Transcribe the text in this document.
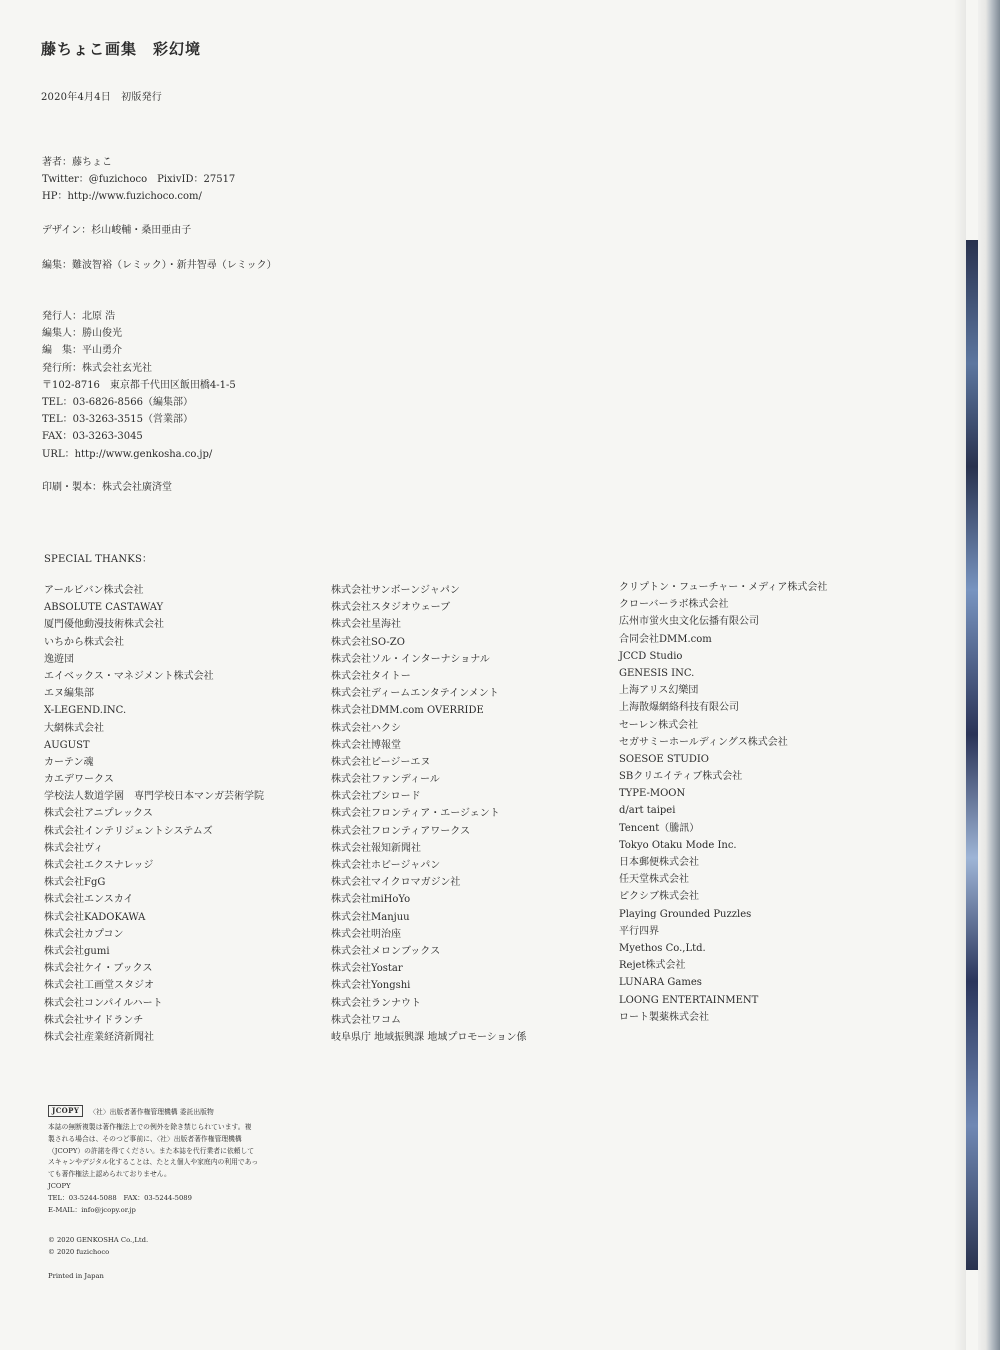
藤ちょこ画集　彩幻境
2020年4月4日　初版発行
著者：藤ちょこ
Twitter：@fuzichoco　PixivID：27517
HP：http://www.fuzichoco.com/
デザイン：杉山峻輔・桑田亜由子
編集：難波智裕（レミック）・新井智尋（レミック）
発行人：北原 浩
編集人：勝山俊光
編　集：平山勇介
発行所：株式会社玄光社
〒102-8716　東京都千代田区飯田橋4-1-5
TEL：03-6826-8566（編集部）
TEL：03-3263-3515（営業部）
FAX：03-3263-3045
URL：http://www.genkosha.co.jp/
印刷・製本：株式会社廣済堂
SPECIAL THANKS：
アールビバン株式会社
ABSOLUTE CASTAWAY
厦門優他動漫技術株式会社
いちから株式会社
逸遊団
エイベックス・マネジメント株式会社
エヌ編集部
X-LEGEND.INC.
大網株式会社
AUGUST
カーテン魂
カエデワークス
学校法人数道学園　専門学校日本マンガ芸術学院
株式会社アニプレックス
株式会社インテリジェントシステムズ
株式会社ヴィ
株式会社エクスナレッジ
株式会社FgG
株式会社エンスカイ
株式会社KADOKAWA
株式会社カプコン
株式会社gumi
株式会社ケイ・ブックス
株式会社工画堂スタジオ
株式会社コンパイルハート
株式会社サイドランチ
株式会社産業経済新聞社
株式会社サンボーンジャパン
株式会社スタジオウェーブ
株式会社星海社
株式会社SO-ZO
株式会社ソル・インターナショナル
株式会社タイトー
株式会社ディームエンタテインメント
株式会社DMM.com OVERRIDE
株式会社ハクシ
株式会社博報堂
株式会社ビージーエヌ
株式会社ファンディール
株式会社ブシロード
株式会社フロンティア・エージェント
株式会社フロンティアワークス
株式会社報知新聞社
株式会社ホビージャパン
株式会社マイクロマガジン社
株式会社miHoYo
株式会社Manjuu
株式会社明治座
株式会社メロンブックス
株式会社Yostar
株式会社Yongshi
株式会社ランナウト
株式会社ワコム
岐阜県庁 地域振興課 地域プロモーション係
クリプトン・フューチャー・メディア株式会社
クローバーラボ株式会社
広州市蛍火虫文化伝播有限公司
合同会社DMM.com
JCCD Studio
GENESIS INC.
上海アリス幻樂団
上海散爆網絡科技有限公司
セーレン株式会社
セガサミーホールディングス株式会社
SOESOE STUDIO
SBクリエイティブ株式会社
TYPE-MOON
d/art taipei
Tencent（騰訊）
Tokyo Otaku Mode Inc.
日本郵便株式会社
任天堂株式会社
ピクシブ株式会社
Playing Grounded Puzzles
平行四界
Myethos Co.,Ltd.
Rejet株式会社
LUNARA Games
LOONG ENTERTAINMENT
ロート製薬株式会社
JCOPY	〈社〉出版者著作権管理機構 委託出版物
本誌の無断複製は著作権法上での例外を除き禁じられています。複
製される場合は、そのつど事前に、〈社〉出版者著作権管理機構
（JCOPY）の許諾を得てください。また本誌を代行業者に依頼して
スキャンやデジタル化することは、たとえ個人や家庭内の利用であっ
ても著作権法上認められておりません。
JCOPY
TEL：03-5244-5088　FAX：03-5244-5089
E-MAIL：info@jcopy.or.jp
© 2020 GENKOSHA Co.,Ltd.
© 2020 fuzichoco
Printed in Japan
